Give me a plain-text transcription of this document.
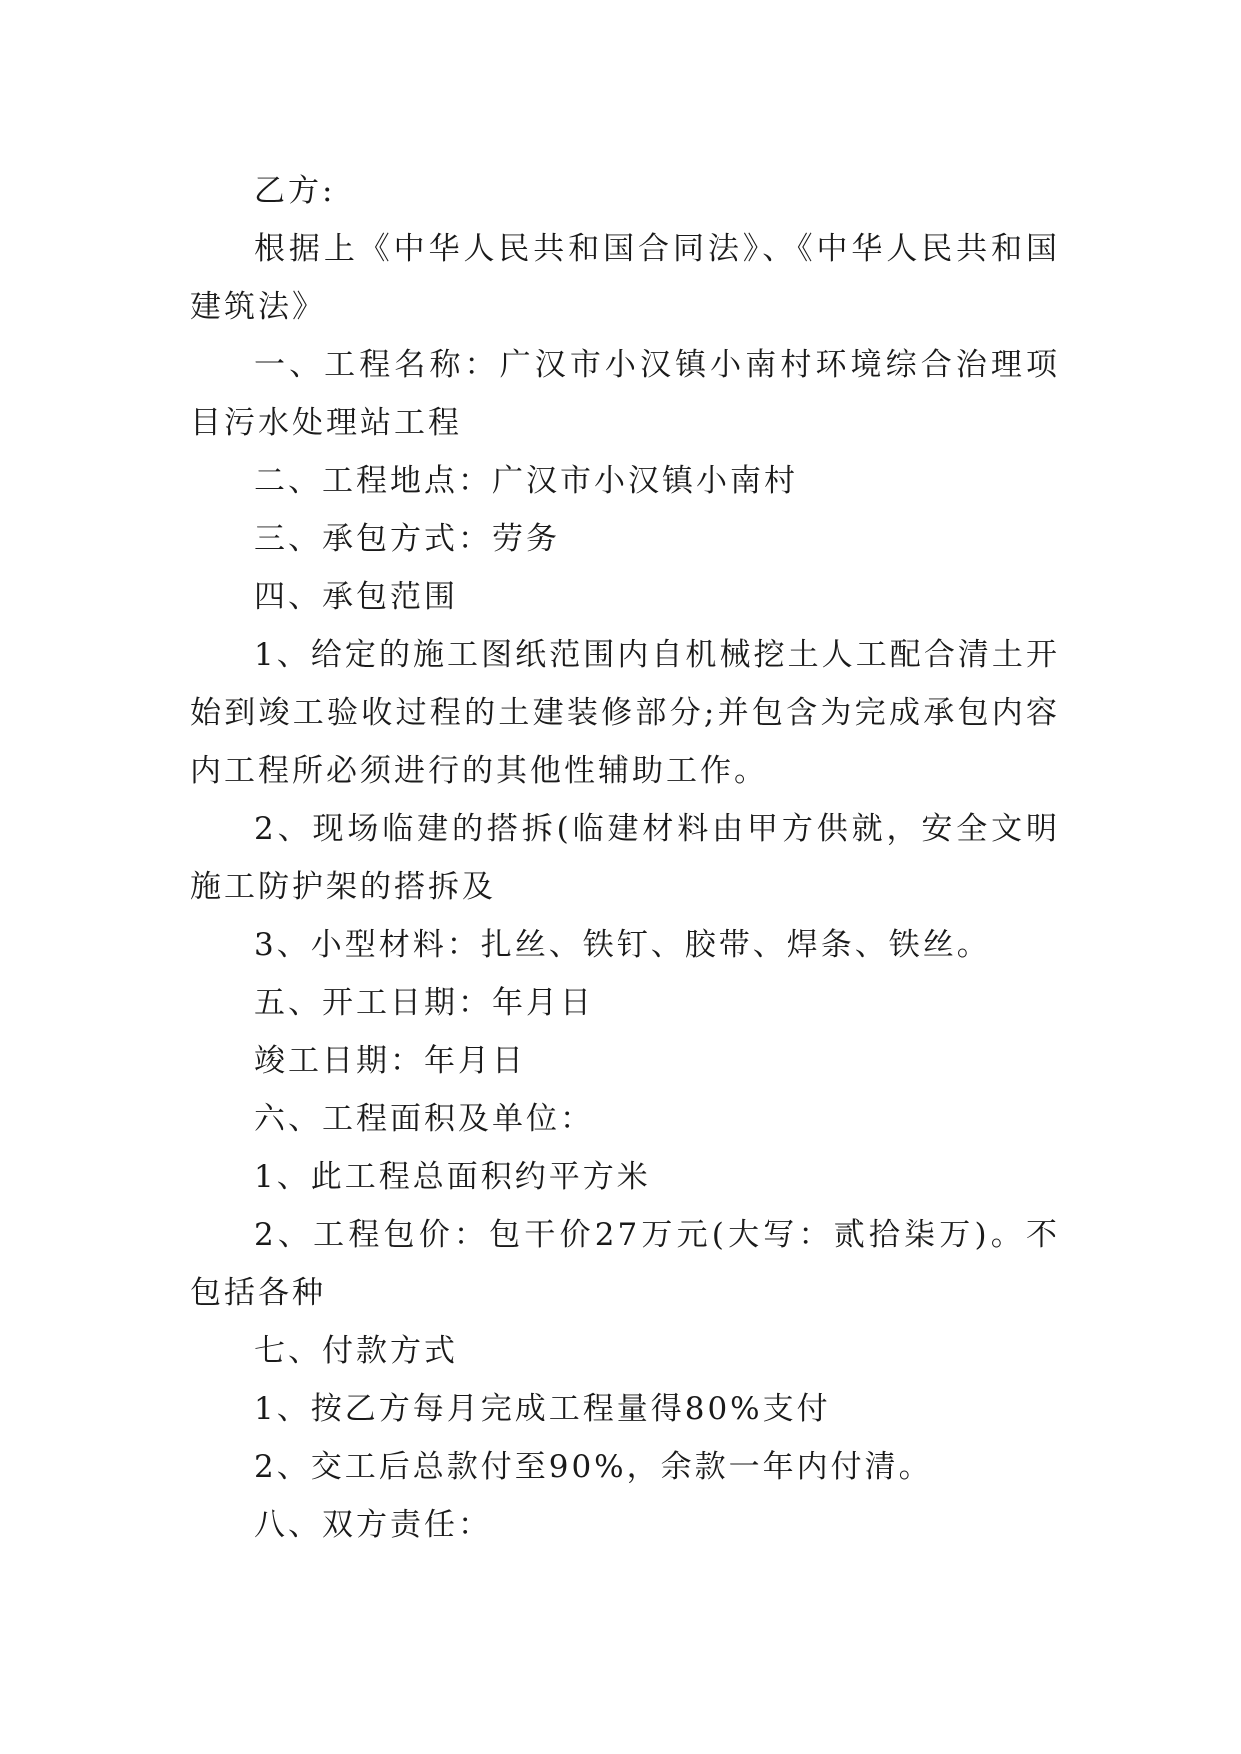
乙方:

根据上《中华人民共和国合同法》、《中华人民共和国建筑法》

一、工程名称：广汉市小汉镇小南村环境综合治理项目污水处理站工程

二、工程地点：广汉市小汉镇小南村

三、承包方式：劳务

四、承包范围

1、给定的施工图纸范围内自机械挖土人工配合清土开始到竣工验收过程的土建装修部分;并包含为完成承包内容内工程所必须进行的其他性辅助工作。

2、现场临建的搭拆(临建材料由甲方供就，安全文明施工防护架的搭拆及

3、小型材料：扎丝、铁钉、胶带、焊条、铁丝。

五、开工日期：年月日

竣工日期：年月日

六、工程面积及单位：

1、此工程总面积约平方米

2、工程包价：包干价27万元(大写：贰拾柒万)。不包括各种

七、付款方式

1、按乙方每月完成工程量得80%支付

2、交工后总款付至90%，余款一年内付清。

八、双方责任：
